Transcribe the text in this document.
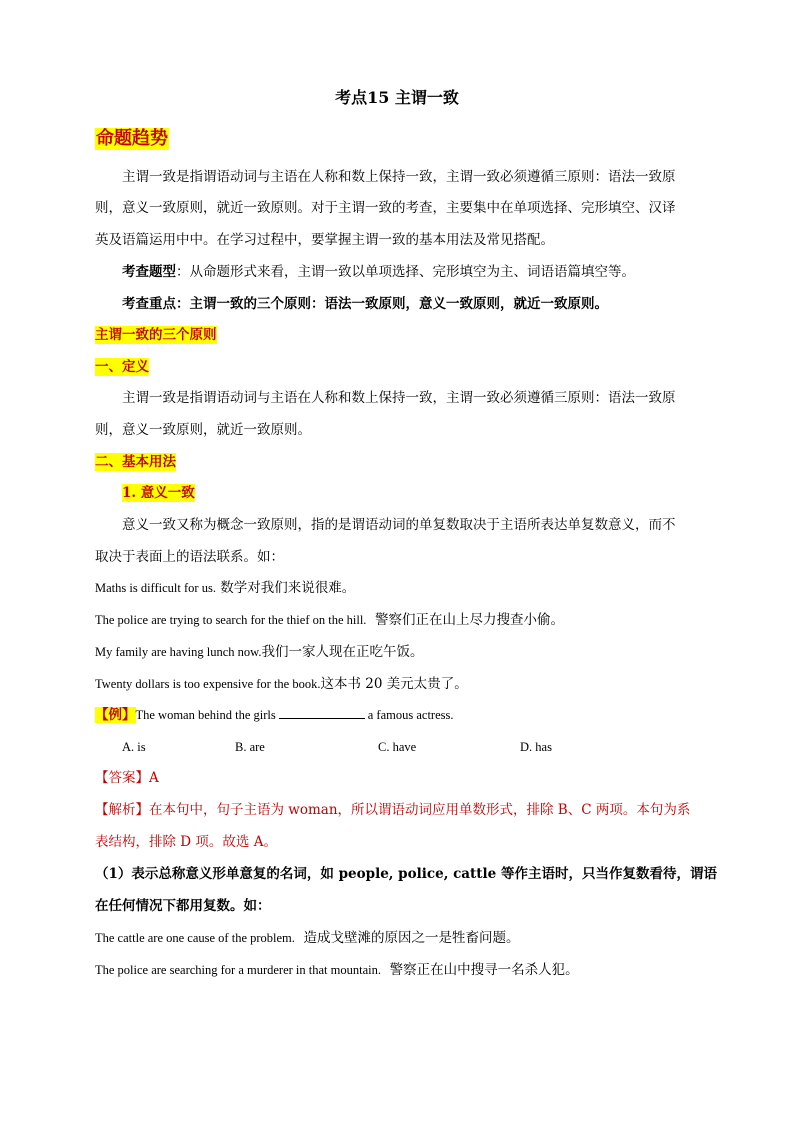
考点15 主谓一致
命题趋势
主谓一致是指谓语动词与主语在人称和数上保持一致，主谓一致必须遵循三原则：语法一致原
则，意义一致原则，就近一致原则。对于主谓一致的考查，主要集中在单项选择、完形填空、汉译
英及语篇运用中中。在学习过程中，要掌握主谓一致的基本用法及常见搭配。
考查题型：从命题形式来看，主谓一致以单项选择、完形填空为主、词语语篇填空等。
考查重点：主谓一致的三个原则：语法一致原则，意义一致原则，就近一致原则。
主谓一致的三个原则
一、定义
主谓一致是指谓语动词与主语在人称和数上保持一致，主谓一致必须遵循三原则：语法一致原
则，意义一致原则，就近一致原则。
二、基本用法
1. 意义一致
意义一致又称为概念一致原则，指的是谓语动词的单复数取决于主语所表达单复数意义，而不
取决于表面上的语法联系。如：
Maths is difficult for us. 数学对我们来说很难。
The police are trying to search for the thief on the hill. 警察们正在山上尽力搜查小偷。
My family are having lunch now.我们一家人现在正吃午饭。
Twenty dollars is too expensive for the book.这本书 20 美元太贵了。
【例】The woman behind the girls	a famous actress.
A. is	B. are	C. have	D. has
【答案】A
【解析】在本句中，句子主语为 woman，所以谓语动词应用单数形式，排除 B、C 两项。本句为系
表结构，排除 D 项。故选 A。
（1）表示总称意义形单意复的名词，如 people, police, cattle 等作主语时，只当作复数看待，谓语
在任何情况下都用复数。如：
The cattle are one cause of the problem. 造成戈壁滩的原因之一是牲畜问题。
The police are searching for a murderer in that mountain. 警察正在山中搜寻一名杀人犯。
